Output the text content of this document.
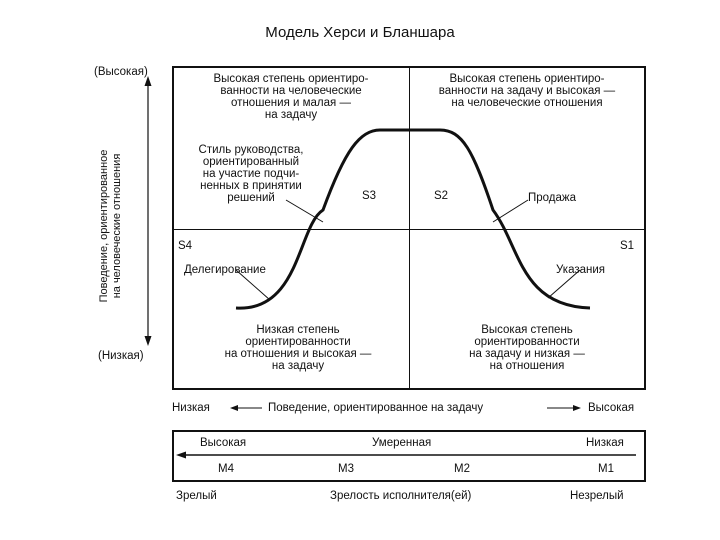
Модель Херси и Бланшара
(Высокая)
(Низкая)
Поведение, ориентированное на человеческие отношения
Высокая степень ориентиро-
ванности на человеческие
отношения и малая —
на задачу
Высокая степень ориентиро-
ванности на задачу и высокая —
на человеческие отношения
Низкая степень
ориентированности
на отношения и высокая —
на задачу
Высокая степень
ориентированности
на задачу и низкая —
на отношения
Стиль руководства,
ориентированный
на участие подчи-
ненных в принятии
решений	S3	S2	Продажа
S4	S1
Делегирование	Указания
Низкая	Поведение, ориентированное на задачу	Высокая
Высокая	Умеренная	Низкая
M4	M3	M2	M1
Зрелый	Зрелость исполнителя(ей)	Незрелый
